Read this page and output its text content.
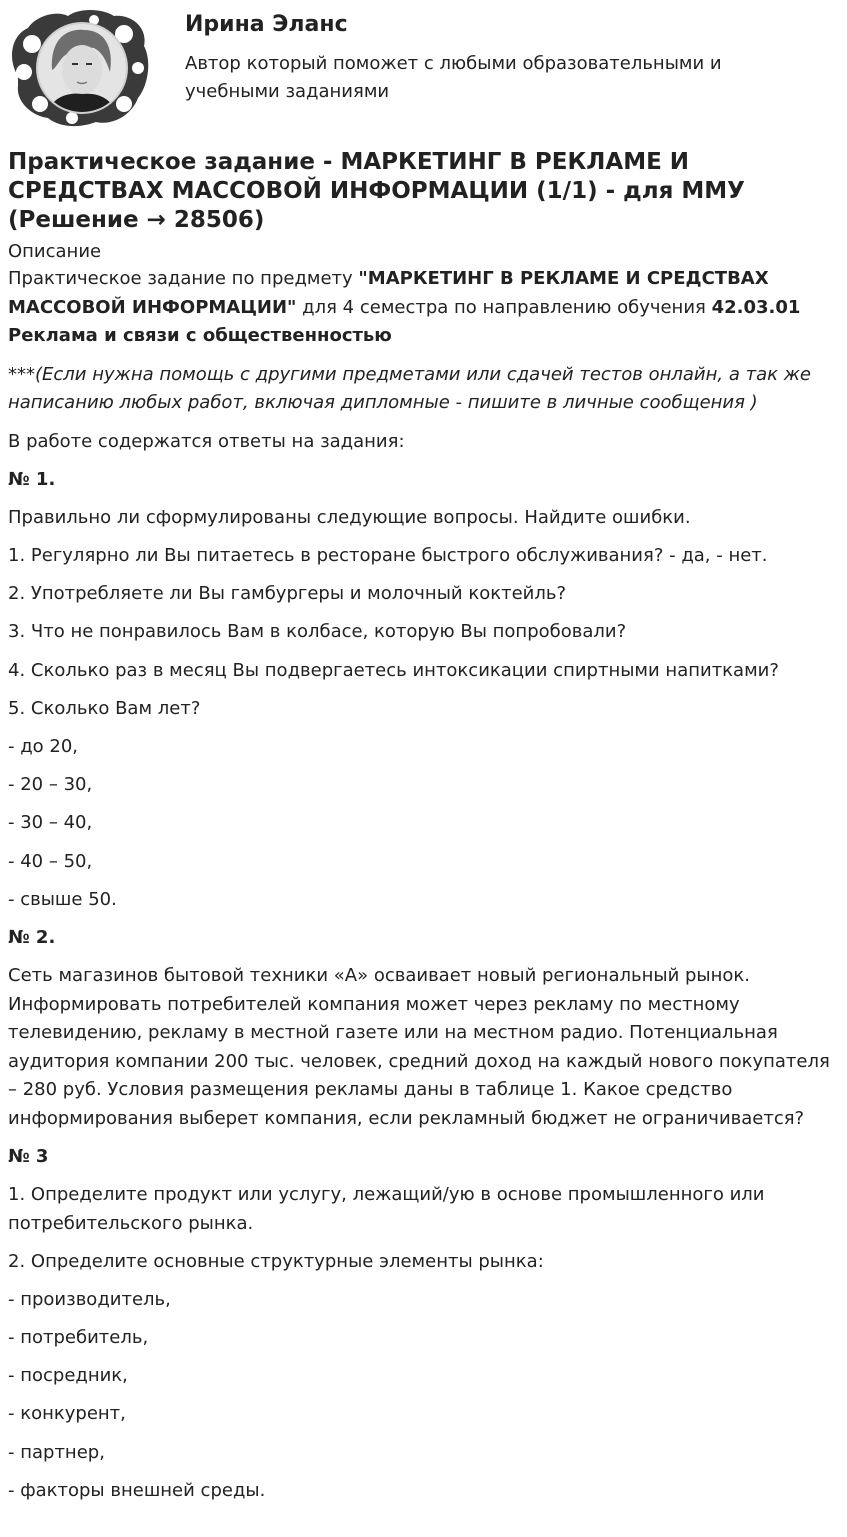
Ирина Эланс
Автор который поможет с любыми образовательными и учебными заданиями
Практическое задание - МАРКЕТИНГ В РЕКЛАМЕ И СРЕДСТВАХ МАССОВОЙ ИНФОРМАЦИИ (1/1) - для ММУ (Решение → 28506)
Описание

Практическое задание по предмету "МАРКЕТИНГ В РЕКЛАМЕ И СРЕДСТВАХ МАССОВОЙ ИНФОРМАЦИИ" для 4 семестра по направлению обучения 42.03.01 Реклама и связи с общественностью

***(Если нужна помощь с другими предметами или сдачей тестов онлайн, а так же написанию любых работ, включая дипломные - пишите в личные сообщения )

В работе содержатся ответы на задания:

№ 1.

Правильно ли сформулированы следующие вопросы. Найдите ошибки.

1. Регулярно ли Вы питаетесь в ресторане быстрого обслуживания? - да, - нет.

2. Употребляете ли Вы гамбургеры и молочный коктейль?

3. Что не понравилось Вам в колбасе, которую Вы попробовали?

4. Сколько раз в месяц Вы подвергаетесь интоксикации спиртными напитками?

5. Сколько Вам лет?

- до 20,

- 20 – 30,

- 30 – 40,

- 40 – 50,

- свыше 50.

№ 2.

Сеть магазинов бытовой техники «А» осваивает новый региональный рынок. Информировать потребителей компания может через рекламу по местному телевидению, рекламу в местной газете или на местном радио. Потенциальная аудитория компании 200 тыс. человек, средний доход на каждый нового покупателя – 280 руб. Условия размещения рекламы даны в таблице 1. Какое средство информирования выберет компания, если рекламный бюджет не ограничивается?

№ 3

1. Определите продукт или услугу, лежащий/ую в основе промышленного или потребительского рынка.

2. Определите основные структурные элементы рынка:

- производитель,

- потребитель,

- посредник,

- конкурент,

- партнер,

- факторы внешней среды.
